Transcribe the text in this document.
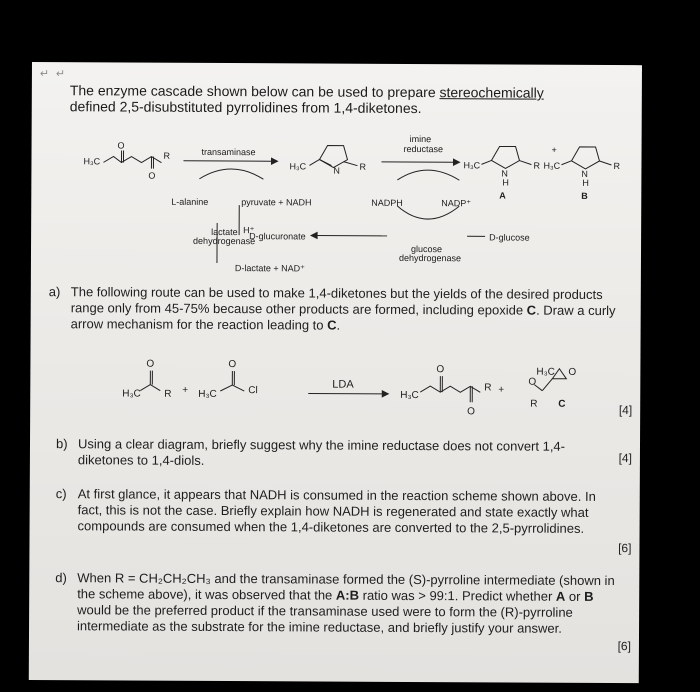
↵ ↵
The enzyme cascade shown below can be used to prepare stereochemically
defined 2,5-disubstituted pyrrolidines from 1,4-diketones.
H₃C
O
O
R	transaminase
H₃C	N R
imine
reductase
H₃C
N
H
R
+
H₃C
N
H
R
A	B
L-alanine	pyruvate + NADH	NADPH	NADP⁺
lactate
dehydrogenase
H⁺
D-glucuronate	D-glucose
glucose
dehydrogenase
D-lactate + NAD⁺
a) The following route can be used to make 1,4-diketones but the yields of the desired products range only from 45-75% because other products are formed, including epoxide C. Draw a curly arrow mechanism for the reaction leading to C.
H₃C
O
R + H₃C
O
Cl	LDA
H₃C
O
O
R +
H₃C
O
O
R C	[4]
b) Using a clear diagram, briefly suggest why the imine reductase does not convert 1,4-diketones to 1,4-diols.	[4]
c) At first glance, it appears that NADH is consumed in the reaction scheme shown above. In fact, this is not the case. Briefly explain how NADH is regenerated and state exactly what compounds are consumed when the 1,4-diketones are converted to the 2,5-pyrrolidines.
[6]
d) When R = CH₂CH₂CH₃ and the transaminase formed the (S)-pyrroline intermediate (shown in the scheme above), it was observed that the A:B ratio was > 99:1. Predict whether A or B would be the preferred product if the transaminase used were to form the (R)-pyrroline intermediate as the substrate for the imine reductase, and briefly justify your answer.
[6]
